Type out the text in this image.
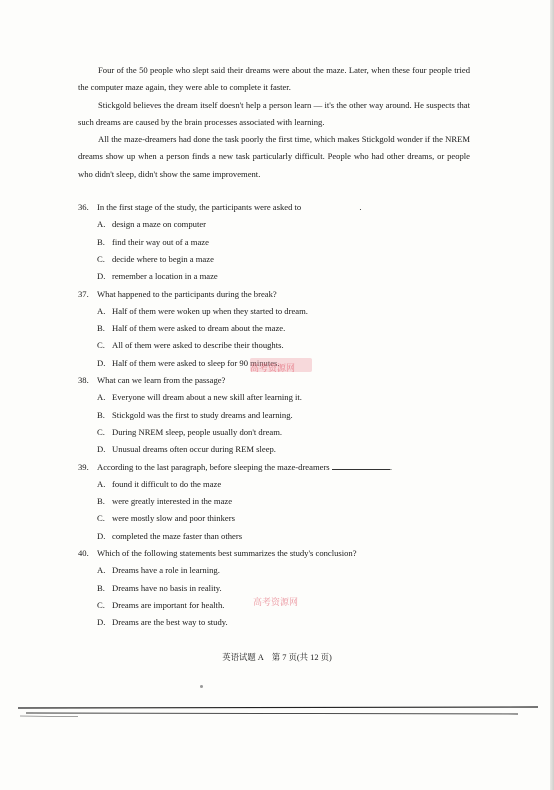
Four of the 50 people who slept said their dreams were about the maze. Later, when these four people tried the computer maze again, they were able to complete it faster.

Stickgold believes the dream itself doesn't help a person learn — it's the other way around. He suspects that such dreams are caused by the brain processes associated with learning.

All the maze-dreamers had done the task poorly the first time, which makes Stickgold wonder if the NREM dreams show up when a person finds a new task particularly difficult. People who had other dreams, or people who didn't sleep, didn't show the same improvement.

36. In the first stage of the study, the participants were asked to	.
A. design a maze on computer
B. find their way out of a maze
C. decide where to begin a maze
D. remember a location in a maze
37. What happened to the participants during the break?
A. Half of them were woken up when they started to dream.
B. Half of them were asked to dream about the maze.
C. All of them were asked to describe their thoughts.
D. Half of them were asked to sleep for 90 minutes.
38. What can we learn from the passage?
A. Everyone will dream about a new skill after learning it.
B. Stickgold was the first to study dreams and learning.
C. During NREM sleep, people usually don't dream.
D. Unusual dreams often occur during REM sleep.
39. According to the last paragraph, before sleeping the maze-dreamers	.
A. found it difficult to do the maze
B. were greatly interested in the maze
C. were mostly slow and poor thinkers
D. completed the maze faster than others
40. Which of the following statements best summarizes the study's conclusion?
A. Dreams have a role in learning.
B. Dreams have no basis in reality.
C. Dreams are important for health.
D. Dreams are the best way to study.
高考资源网
高考资源网
英语试题 A　第 7 页(共 12 页)
